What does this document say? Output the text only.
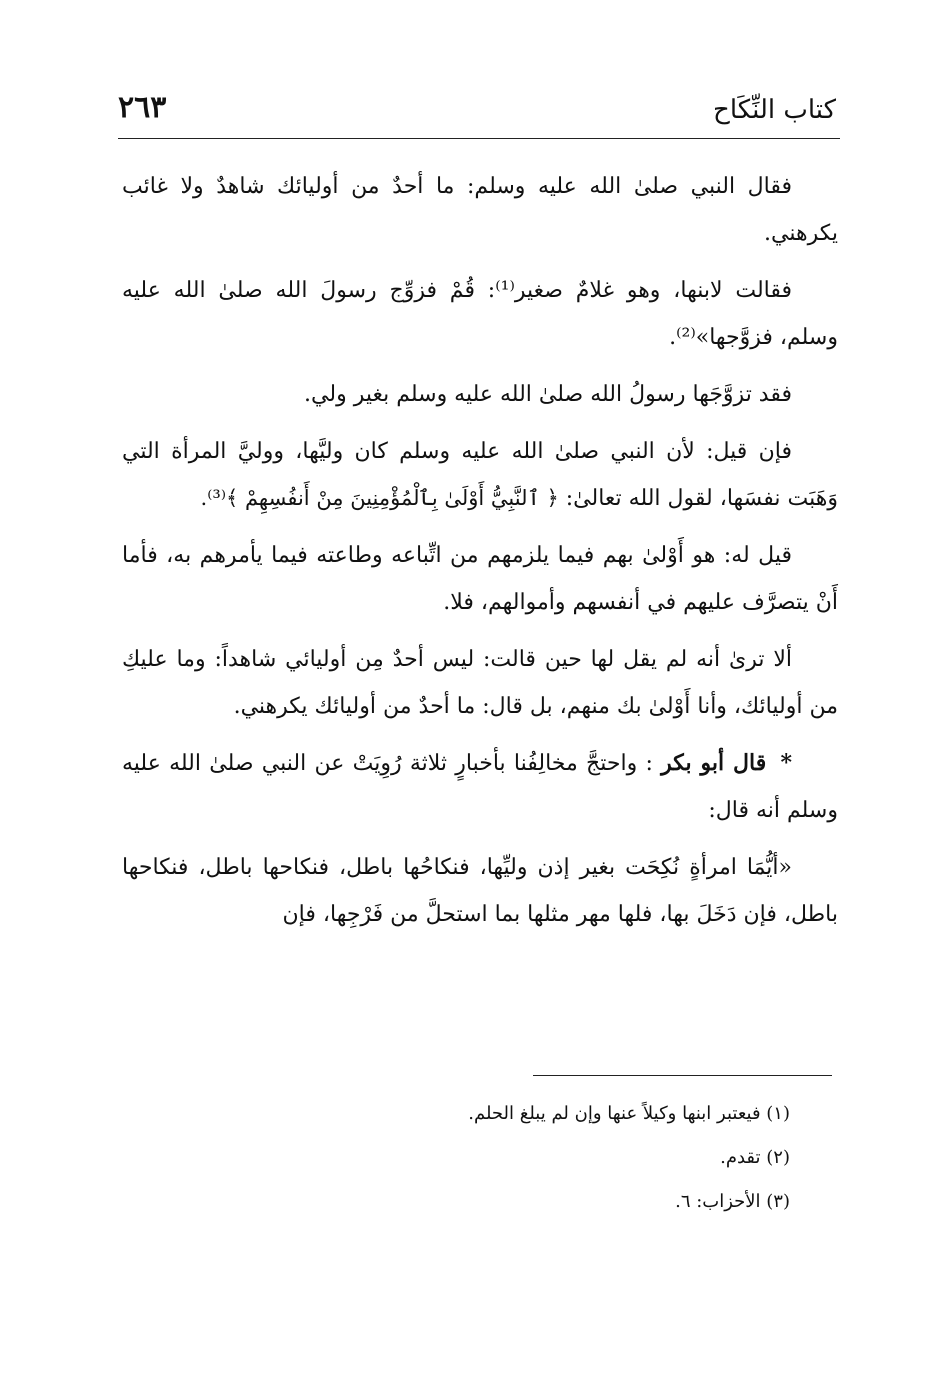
كتاب النِّكَاح
٢٦٣

فقال النبي صلىٰ الله عليه وسلم: ما أحدٌ من أوليائك شاهدٌ ولا غائب يكرهني.

فقالت لابنها، وهو غلامٌ صغير⁽¹⁾: قُمْ فزوِّج رسولَ الله صلىٰ الله عليه وسلم، فزوَّجها»⁽²⁾.

فقد تزوَّجَها رسولُ الله صلىٰ الله عليه وسلم بغير ولي.

فإن قيل: لأن النبي صلىٰ الله عليه وسلم كان وليَّها، ووليَّ المرأة التي وَهَبَت نفسَها، لقول الله تعالىٰ: ﴿ ٱلنَّبِيُّ أَوْلَىٰ بِٱلْمُؤْمِنِينَ مِنْ أَنفُسِهِمْ ﴾⁽³⁾.

قيل له: هو أَوْلىٰ بهم فيما يلزمهم من اتِّباعه وطاعته فيما يأمرهم به، فأما أَنْ يتصرَّف عليهم في أنفسهم وأموالهم، فلا.

ألا ترىٰ أنه لم يقل لها حين قالت: ليس أحدٌ مِن أوليائي شاهداً: وما عليكِ من أوليائك، وأنا أَوْلىٰ بك منهم، بل قال: ما أحدٌ من أوليائك يكرهني.

* قال أبو بكر : واحتجَّ مخالِفُنا بأخبارٍ ثلاثة رُوِيَتْ عن النبي صلىٰ الله عليه وسلم أنه قال:

«أيُّمَا امرأةٍ نُكِحَت بغير إذن وليِّها، فنكاحُها باطل، فنكاحها باطل، فنكاحها باطل، فإن دَخَلَ بها، فلها مهر مثلها بما استحلَّ من فَرْجِها، فإن

(١) فيعتبر ابنها وكيلاً عنها وإن لم يبلغ الحلم.

(٢) تقدم.

(٣) الأحزاب: ٦.
